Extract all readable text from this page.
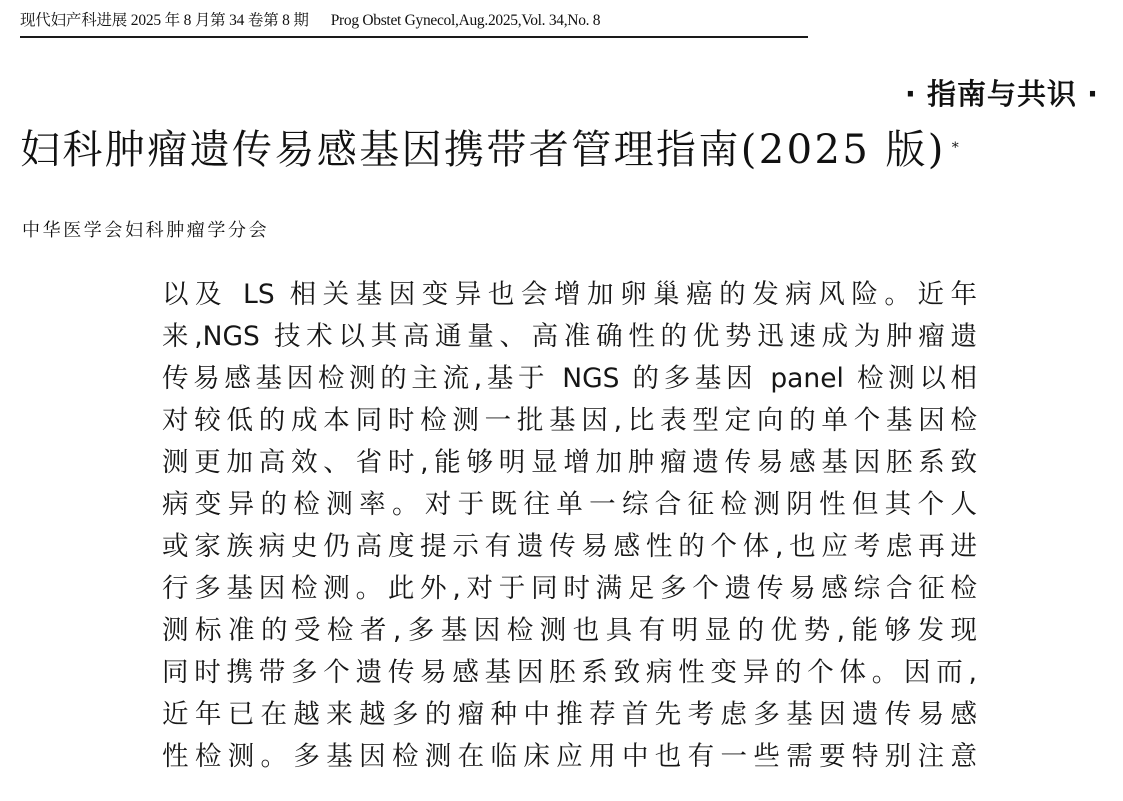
现代妇产科进展 2025 年 8 月第 34 卷第 8 期 Prog Obstet Gynecol,Aug.2025,Vol. 34,No. 8
· 指南与共识 ·
妇科肿瘤遗传易感基因携带者管理指南(2025 版) *
中华医学会妇科肿瘤学分会
以及 LS 相关基因变异也会增加卵巢癌的发病风险。近年
来,NGS 技术以其高通量、高准确性的优势迅速成为肿瘤遗
传易感基因检测的主流,基于 NGS 的多基因 panel 检测以相
对较低的成本同时检测一批基因,比表型定向的单个基因检
测更加高效、省时,能够明显增加肿瘤遗传易感基因胚系致
病变异的检测率。对于既往单一综合征检测阴性但其个人
或家族病史仍高度提示有遗传易感性的个体,也应考虑再进
行多基因检测。此外,对于同时满足多个遗传易感综合征检
测标准的受检者,多基因检测也具有明显的优势,能够发现
同时携带多个遗传易感基因胚系致病性变异的个体。因而,
近年已在越来越多的瘤种中推荐首先考虑多基因遗传易感
性检测。多基因检测在临床应用中也有一些需要特别注意
